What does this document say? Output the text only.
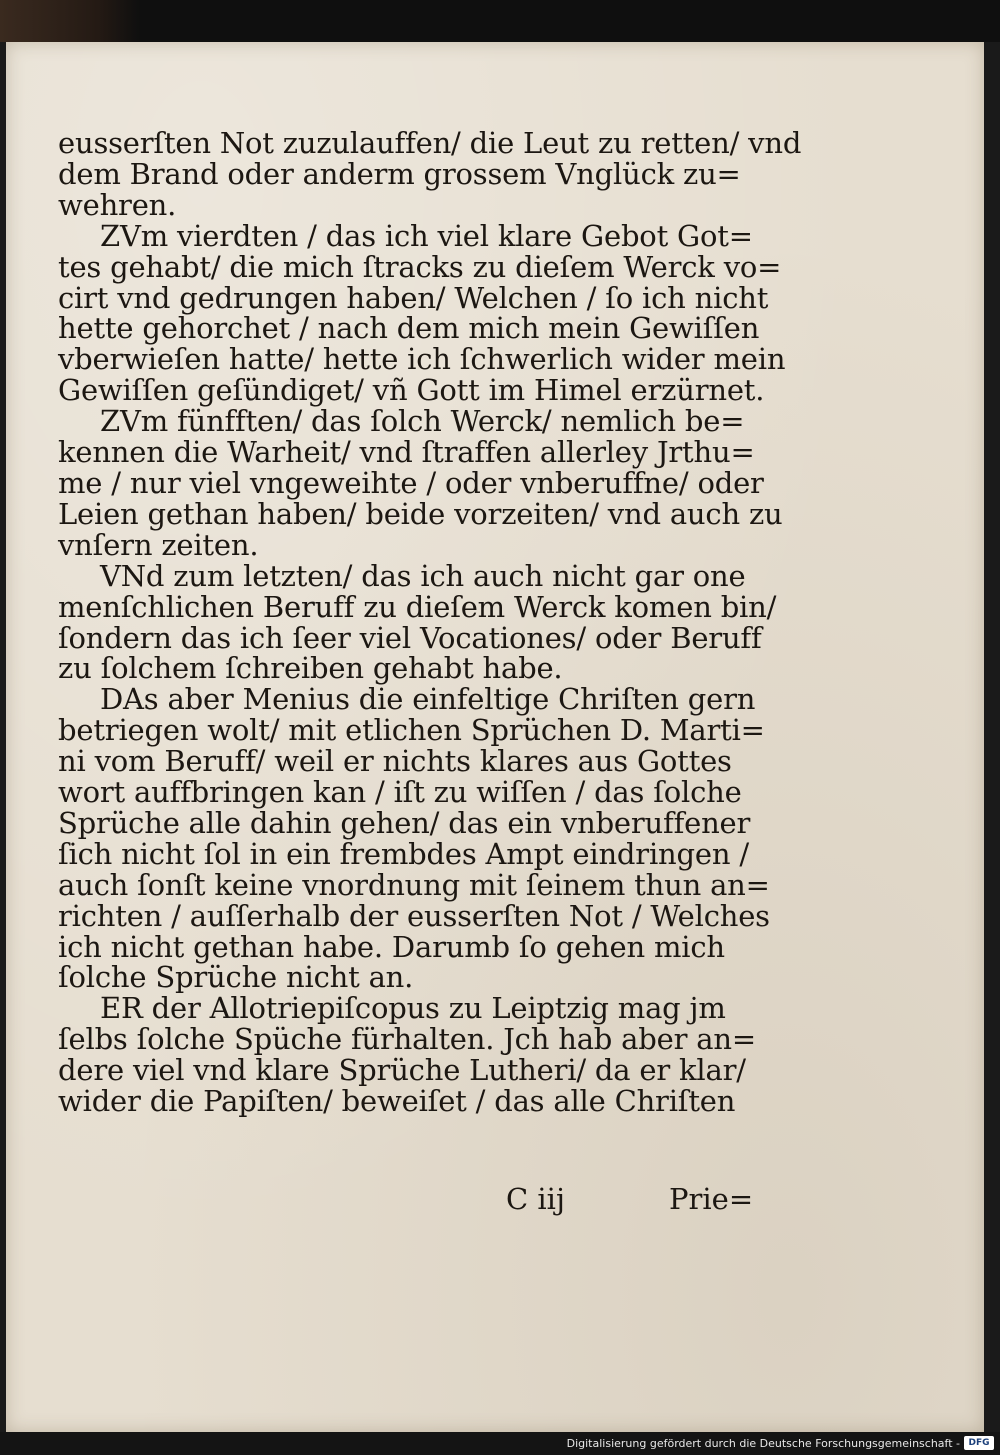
eusserſten Not zuzulauffen/ die Leut zu retten/ vnd
dem Brand oder anderm grossem Vnglück zu=
wehren.
ZVm vierdten / das ich viel klare Gebot Got=
tes gehabt/ die mich ſtracks zu dieſem Werck vo=
cirt vnd gedrungen haben/ Welchen / ſo ich nicht
hette gehorchet / nach dem mich mein Gewiſſen
vberwieſen hatte/ hette ich ſchwerlich wider mein
Gewiſſen geſündiget/ vñ Gott im Himel erzürnet.
ZVm fünfften/ das ſolch Werck/ nemlich be=
kennen die Warheit/ vnd ſtraffen allerley Jrthu=
me / nur viel vngeweihte / oder vnberuffne/ oder
Leien gethan haben/ beide vorzeiten/ vnd auch zu
vnſern zeiten.
VNd zum letzten/ das ich auch nicht gar one
menſchlichen Beruff zu dieſem Werck komen bin/
ſondern das ich ſeer viel Vocationes/ oder Beruff
zu ſolchem ſchreiben gehabt habe.
DAs aber Menius die einfeltige Chriſten gern
betriegen wolt/ mit etlichen Sprüchen D. Marti=
ni vom Beruff/ weil er nichts klares aus Gottes
wort auffbringen kan / iſt zu wiſſen / das ſolche
Sprüche alle dahin gehen/ das ein vnberuffener
ſich nicht ſol in ein frembdes Ampt eindringen /
auch ſonſt keine vnordnung mit ſeinem thun an=
richten / auſſerhalb der eusserſten Not / Welches
ich nicht gethan habe. Darumb ſo gehen mich
ſolche Sprüche nicht an.
ER der Allotriepiſcopus zu Leiptzig mag jm
ſelbs ſolche Spüche fürhalten. Jch hab aber an=
dere viel vnd klare Sprüche Lutheri/ da er klar/
wider die Papiſten/ beweiſet / das alle Chriſten
C iij	Prie=
Digitalisierung gefördert durch die Deutsche Forschungsgemeinschaft - DFG
